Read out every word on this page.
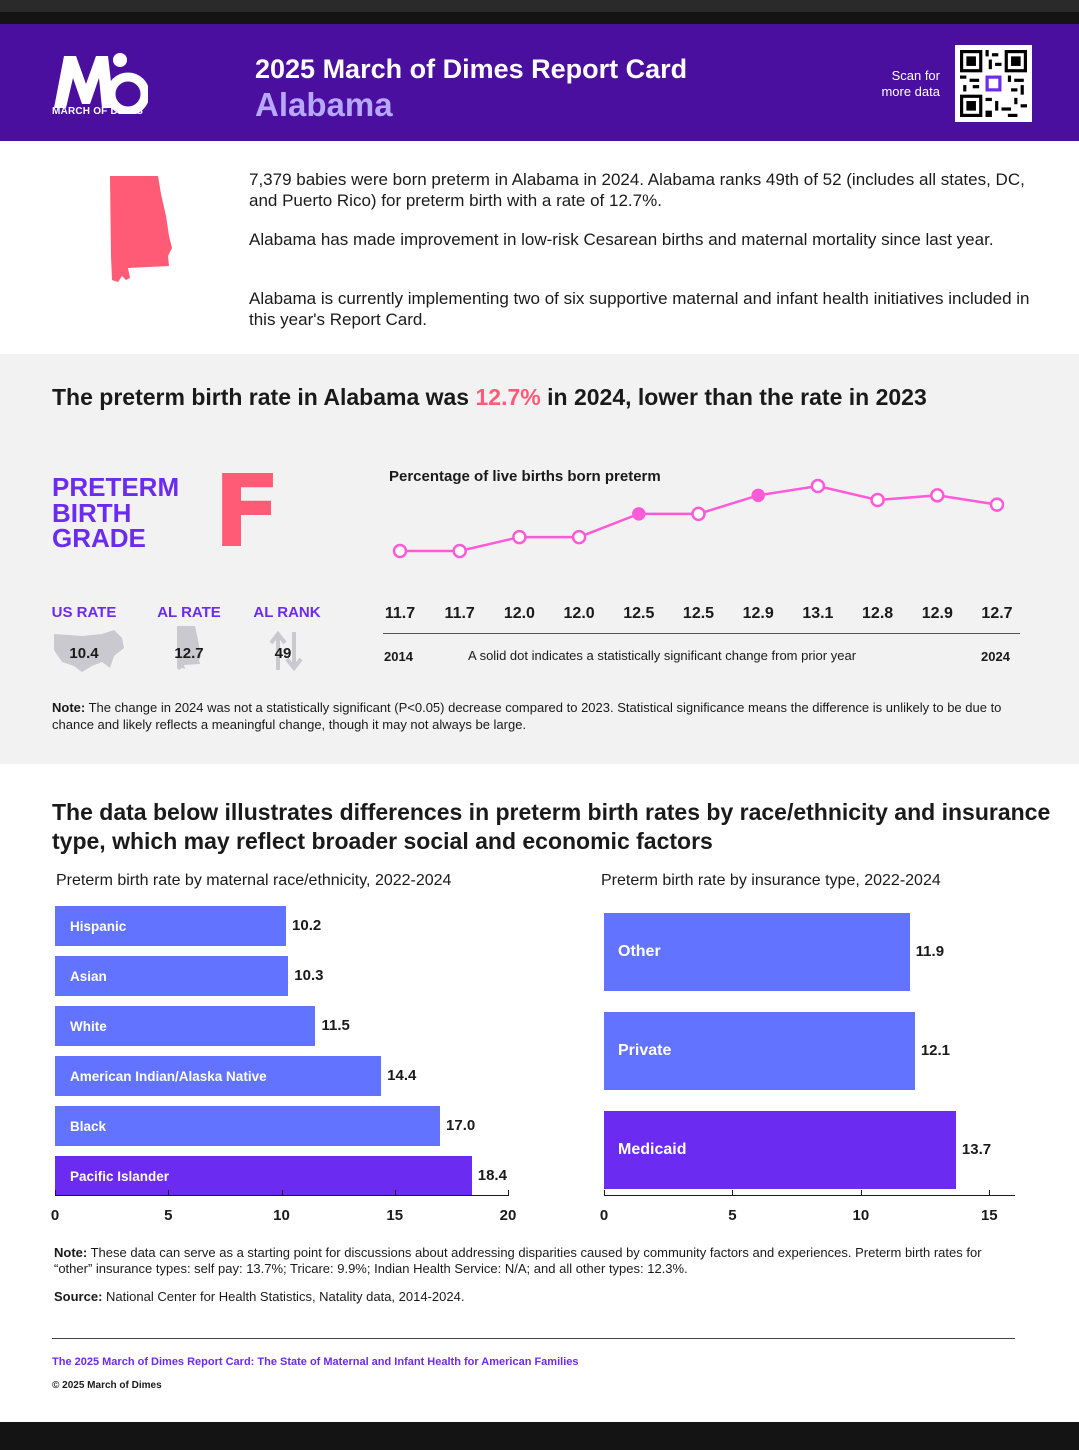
MARCH OF DIMES
2025 March of Dimes Report Card
Alabama
Scan for more data

7,379 babies were born preterm in Alabama in 2024. Alabama ranks 49th of 52 (includes all states, DC, and Puerto Rico) for preterm birth with a rate of 12.7%.

Alabama has made improvement in low-risk Cesarean births and maternal mortality since last year.

Alabama is currently implementing two of six supportive maternal and infant health initiatives included in this year's Report Card.

The preterm birth rate in Alabama was 12.7% in 2024, lower than the rate in 2023
PRETERM BIRTH GRADE F
US RATE
10.4
AL RATE
12.7
AL RANK
49
Percentage of live births born preterm
11.7	11.7	12.0	12.0	12.5	12.5	12.9	13.1	12.8	12.9	12.7
2014	A solid dot indicates a statistically significant change from prior year	2024
Note: The change in 2024 was not a statistically significant (P<0.05) decrease compared to 2023. Statistical significance means the difference is unlikely to be due to chance and likely reflects a meaningful change, though it may not always be large.
The data below illustrates differences in preterm birth rates by race/ethnicity and insurance type, which may reflect broader social and economic factors
Preterm birth rate by maternal race/ethnicity, 2022-2024	Preterm birth rate by insurance type, 2022-2024
Hispanic	10.2
Asian	10.3
White	11.5
American Indian/Alaska Native	14.4
Black	17.0
Pacific Islander	18.4
0	5	10	15	20
Other	11.9
Private	12.1
Medicaid	13.7
0	5	10	15
Note: These data can serve as a starting point for discussions about addressing disparities caused by community factors and experiences. Preterm birth rates for “other” insurance types: self pay: 13.7%; Tricare: 9.9%; Indian Health Service: N/A; and all other types: 12.3%.
Source: National Center for Health Statistics, Natality data, 2014-2024.
The 2025 March of Dimes Report Card: The State of Maternal and Infant Health for American Families
© 2025 March of Dimes
